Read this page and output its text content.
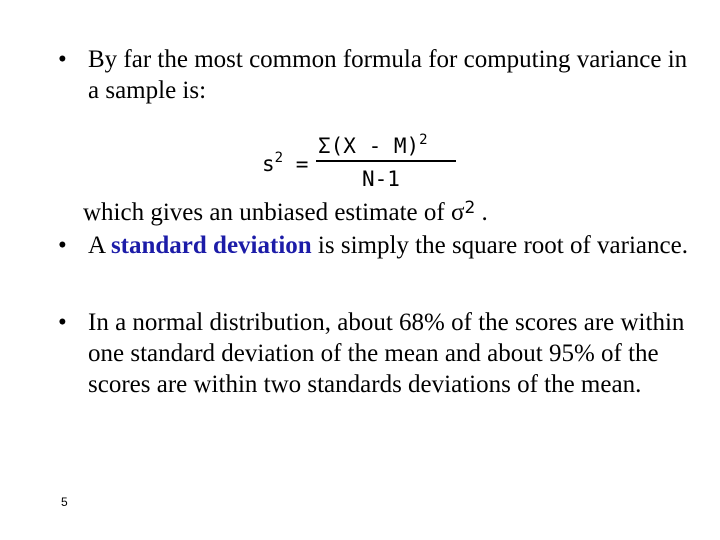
• By far the most common formula for computing variance in a sample is:
$s^2$ =
Σ(X - M)$^2$
N-1
which gives an unbiased estimate of $\sigma^2$ .
• A standard deviation is simply the square root of variance.
• In a normal distribution, about 68% of the scores are within one standard deviation of the mean and about 95% of the scores are within two standards deviations of the mean.
5
